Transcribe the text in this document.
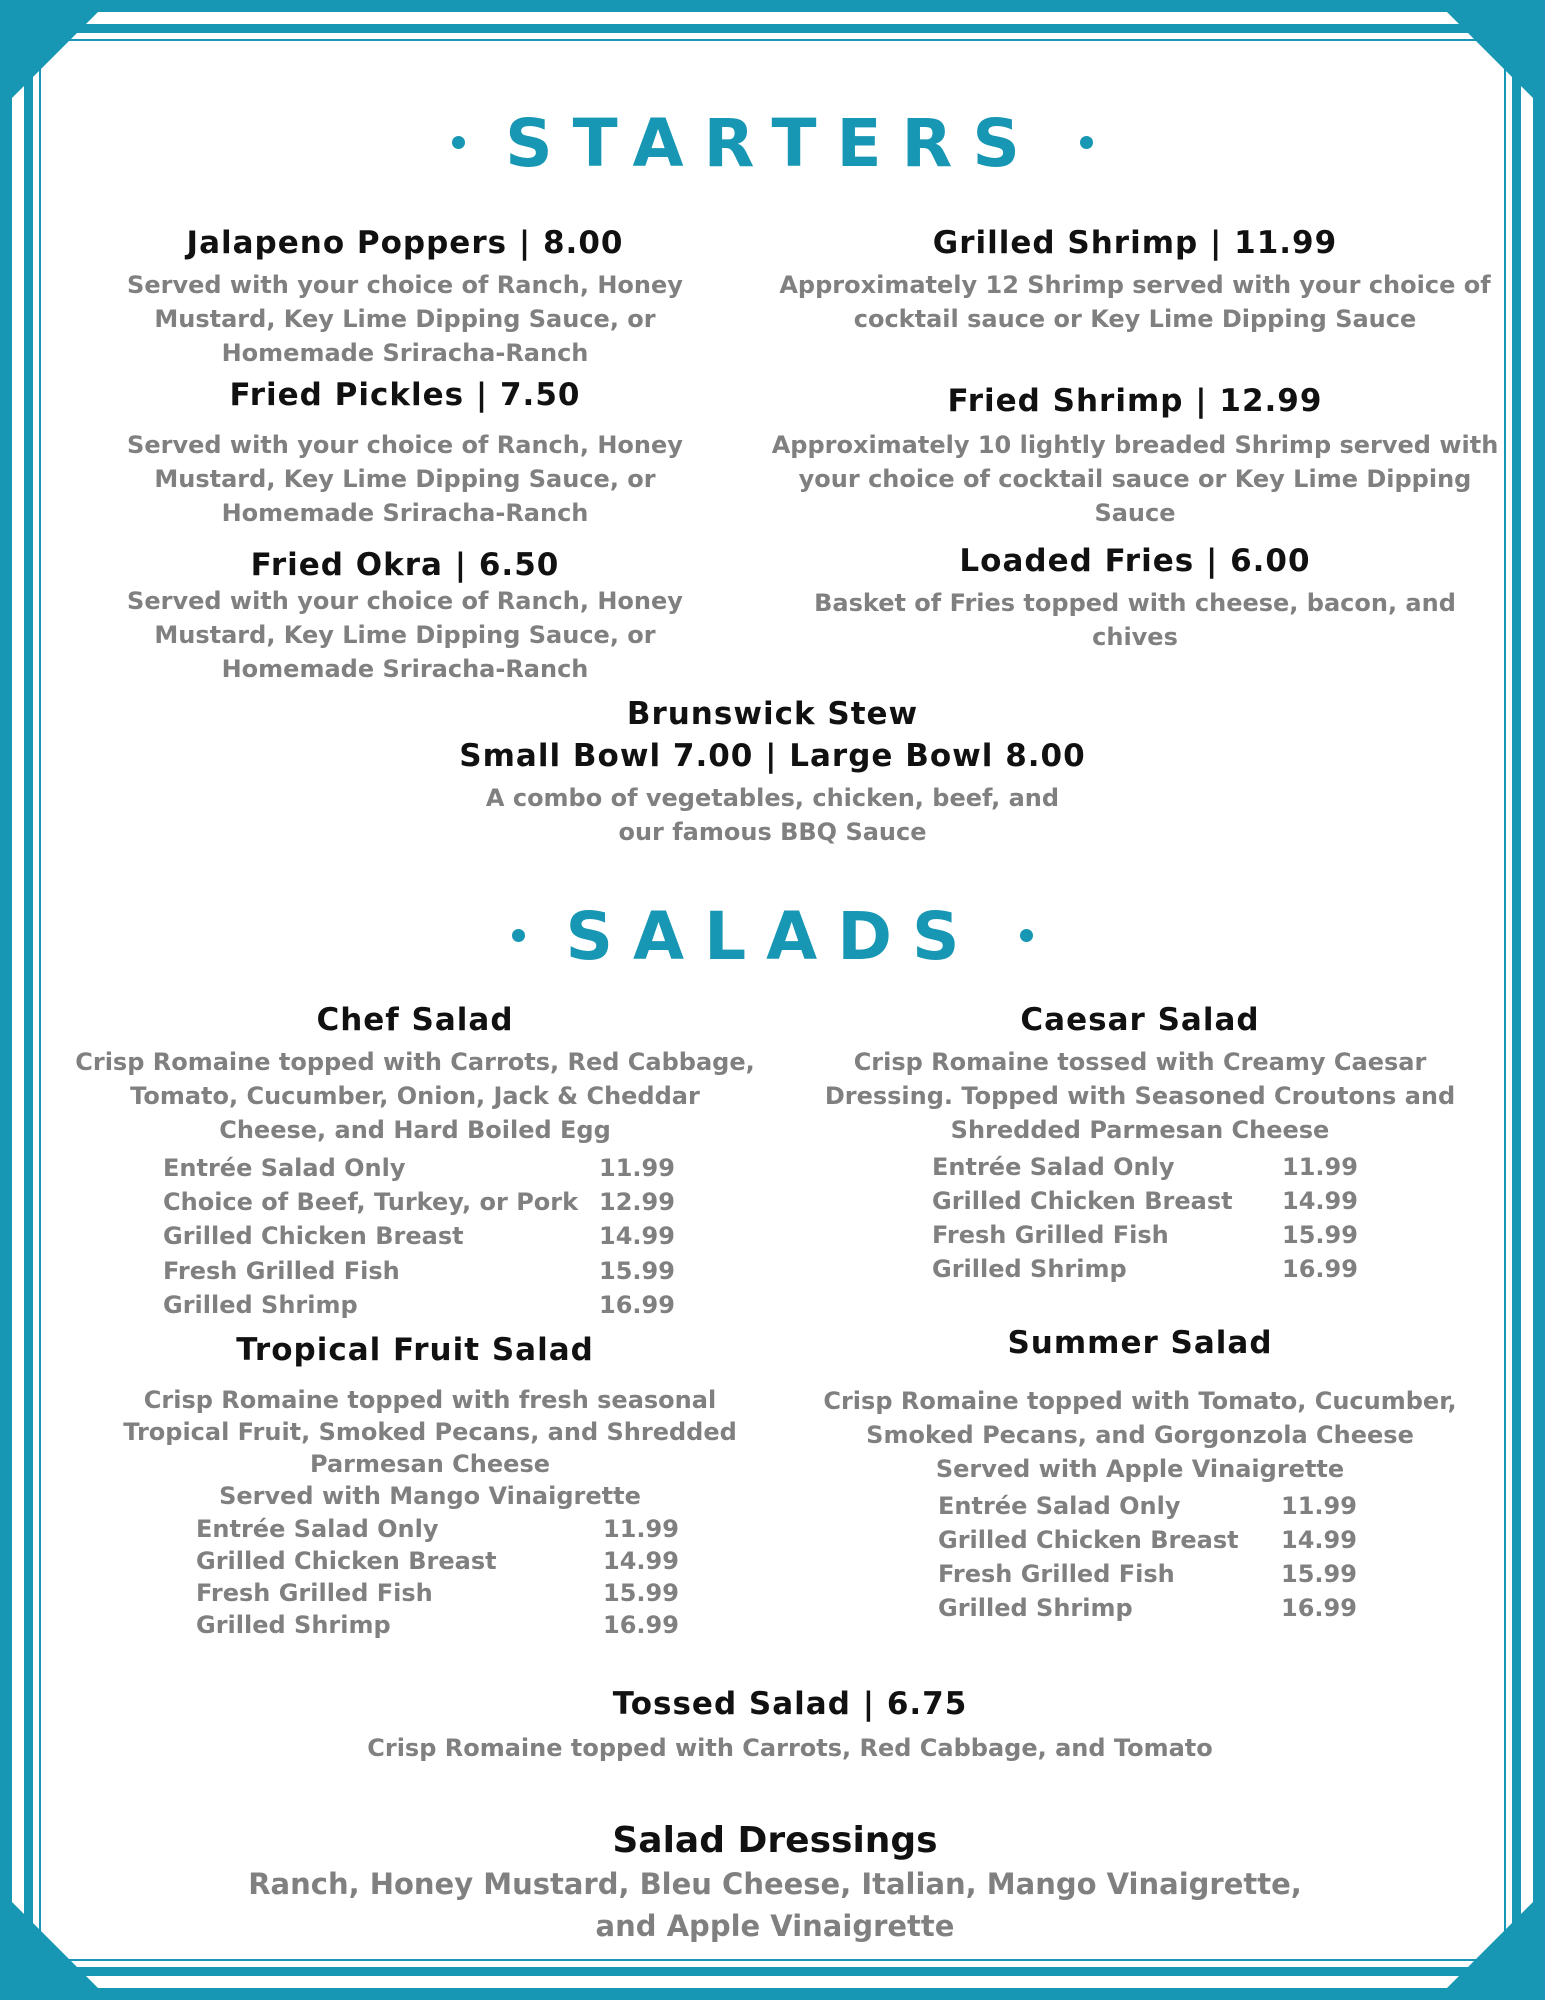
STARTERS
Jalapeno Poppers | 8.00
Served with your choice of Ranch, Honey Mustard, Key Lime Dipping Sauce, or Homemade Sriracha-Ranch
Fried Pickles | 7.50
Served with your choice of Ranch, Honey Mustard, Key Lime Dipping Sauce, or Homemade Sriracha-Ranch
Fried Okra | 6.50
Served with your choice of Ranch, Honey Mustard, Key Lime Dipping Sauce, or Homemade Sriracha-Ranch
Grilled Shrimp | 11.99
Approximately 12 Shrimp served with your choice of cocktail sauce or Key Lime Dipping Sauce
Fried Shrimp | 12.99
Approximately 10 lightly breaded Shrimp served with your choice of cocktail sauce or Key Lime Dipping Sauce
Loaded Fries | 6.00
Basket of Fries topped with cheese, bacon, and chives
Brunswick Stew
Small Bowl 7.00 | Large Bowl 8.00
A combo of vegetables, chicken, beef, and our famous BBQ Sauce
SALADS
Chef Salad
Crisp Romaine topped with Carrots, Red Cabbage, Tomato, Cucumber, Onion, Jack & Cheddar Cheese, and Hard Boiled Egg
Entrée Salad Only	11.99
Choice of Beef, Turkey, or Pork 12.99
Grilled Chicken Breast	14.99
Fresh Grilled Fish	15.99
Grilled Shrimp	16.99
Caesar Salad
Crisp Romaine tossed with Creamy Caesar Dressing. Topped with Seasoned Croutons and Shredded Parmesan Cheese
Entrée Salad Only	11.99
Grilled Chicken Breast 14.99
Fresh Grilled Fish	15.99
Grilled Shrimp	16.99
Tropical Fruit Salad
Crisp Romaine topped with fresh seasonal Tropical Fruit, Smoked Pecans, and Shredded Parmesan Cheese
Served with Mango Vinaigrette
Entrée Salad Only	11.99
Grilled Chicken Breast	14.99
Fresh Grilled Fish	15.99
Grilled Shrimp	16.99
Summer Salad
Crisp Romaine topped with Tomato, Cucumber, Smoked Pecans, and Gorgonzola Cheese
Served with Apple Vinaigrette
Entrée Salad Only	11.99
Grilled Chicken Breast 14.99
Fresh Grilled Fish	15.99
Grilled Shrimp	16.99
Tossed Salad | 6.75
Crisp Romaine topped with Carrots, Red Cabbage, and Tomato
Salad Dressings
Ranch, Honey Mustard, Bleu Cheese, Italian, Mango Vinaigrette,
and Apple Vinaigrette
